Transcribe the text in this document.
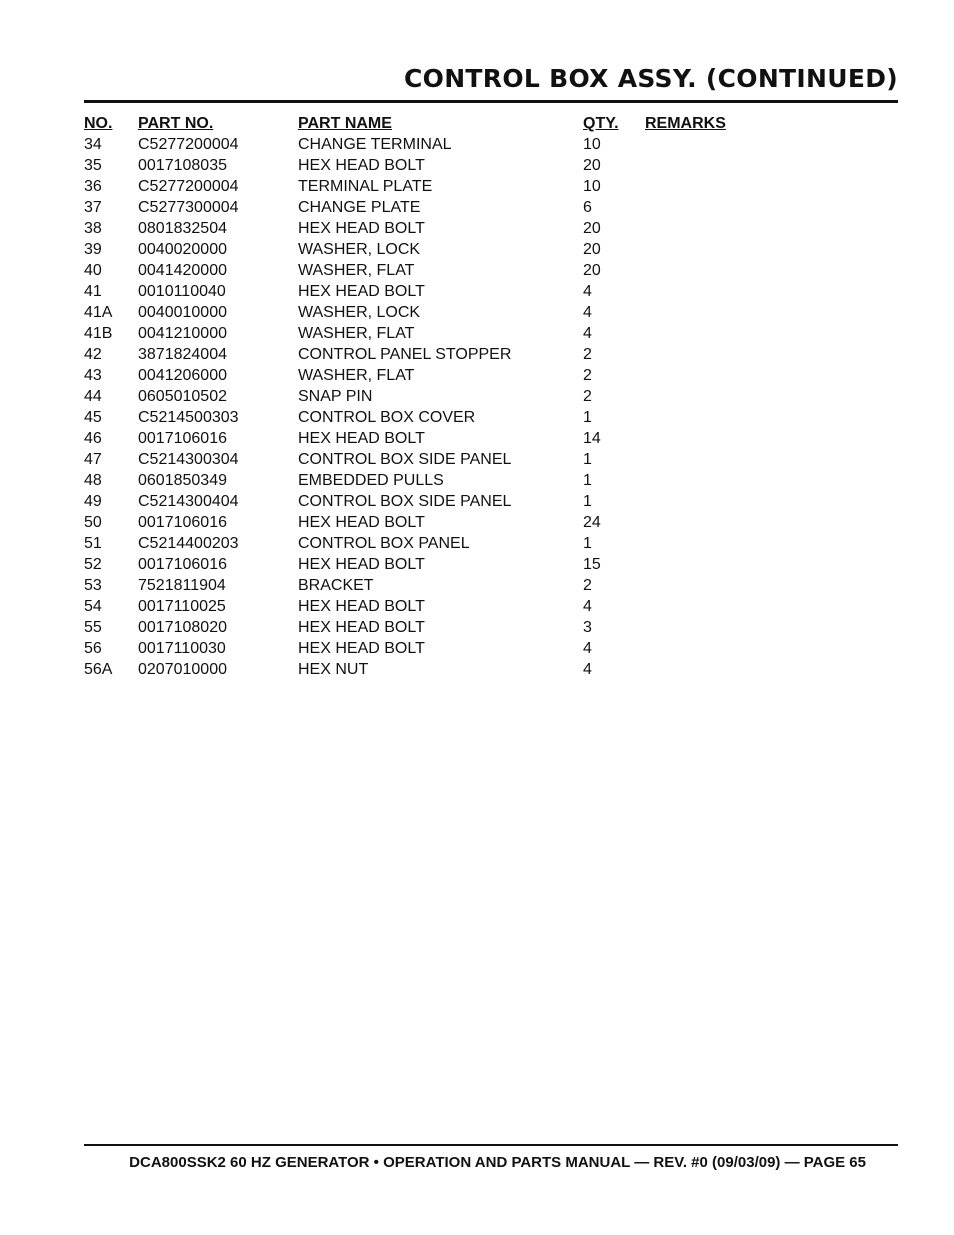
CONTROL BOX ASSY. (CONTINUED)
NO. PART NO.	PART NAME	QTY. REMARKS
34 C5277200004	CHANGE TERMINAL	10
35 0017108035	HEX HEAD BOLT	20
36 C5277200004	TERMINAL PLATE	10
37 C5277300004	CHANGE PLATE	6
38 0801832504	HEX HEAD BOLT	20
39 0040020000	WASHER, LOCK	20
40 0041420000	WASHER, FLAT	20
41 0010110040	HEX HEAD BOLT	4
41A 0040010000	WASHER, LOCK	4
41B 0041210000	WASHER, FLAT	4
42 3871824004	CONTROL PANEL STOPPER	2
43 0041206000	WASHER, FLAT	2
44 0605010502	SNAP PIN	2
45 C5214500303	CONTROL BOX COVER	1
46 0017106016	HEX HEAD BOLT	14
47 C5214300304	CONTROL BOX SIDE PANEL	1
48 0601850349	EMBEDDED PULLS	1
49 C5214300404	CONTROL BOX SIDE PANEL	1
50 0017106016	HEX HEAD BOLT	24
51 C5214400203	CONTROL BOX PANEL	1
52 0017106016	HEX HEAD BOLT	15
53 7521811904	BRACKET	2
54 0017110025	HEX HEAD BOLT	4
55 0017108020	HEX HEAD BOLT	3
56 0017110030	HEX HEAD BOLT	4
56A 0207010000	HEX NUT	4
DCA800SSK2 60 HZ GENERATOR • OPERATION AND PARTS MANUAL — REV. #0 (09/03/09) — PAGE 65
